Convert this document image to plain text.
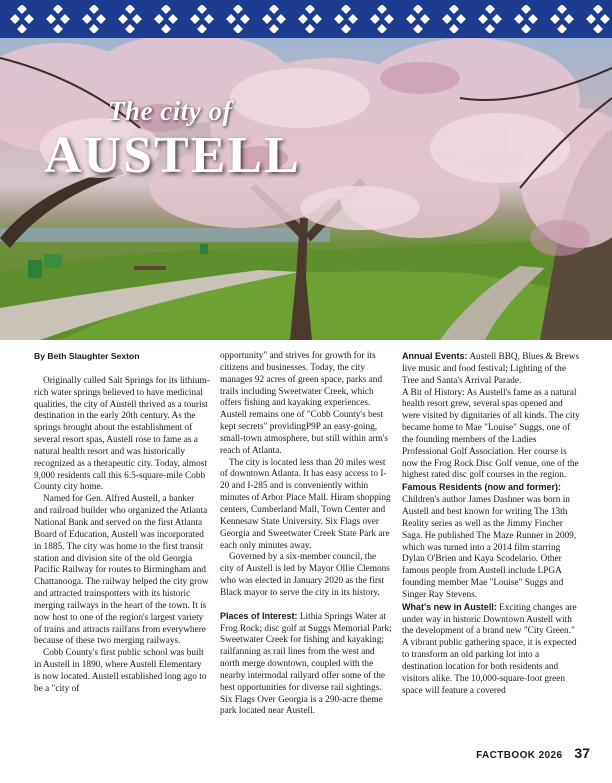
The city of
AUSTELL

By Beth Slaughter Sexton

Originally called Salt Springs for its lithium-rich water springs believed to have medicinal qualities, the city of Austell thrived as a tourist destination in the early 20th century. As the springs brought about the establishment of several resort spas, Austell rose to fame as a natural health resort and was historically recognized as a therapeutic city. Today, almost 9,000 residents call this 6.5-square-mile Cobb County city home.

Named for Gen. Alfred Austell, a banker and railroad builder who organized the Atlanta National Bank and served on the first Atlanta Board of Education, Austell was incorporated in 1885. The city was home to the first transit station and division site of the old Georgia Pacific Railway for routes to Birmingham and Chattanooga. The railway helped the city grow and attracted trainspotters with its historic merging railways in the heart of the town. It is now host to one of the region's largest variety of trains and attracts railfans from everywhere because of these two merging railways.

Cobb County's first public school was built in Austell in 1890, where Austell Elementary is now located. Austell established long ago to be a "city of

opportunity" and strives for growth for its citizens and businesses. Today, the city manages 92 acres of green space, parks and trails including Sweetwater Creek, which offers fishing and kayaking experiences. Austell remains one of "Cobb County's best kept secrets" providingP9P an easy-going, small-town atmosphere, but still within arm's reach of Atlanta.

The city is located less than 20 miles west of downtown Atlanta. It has easy access to I-20 and I-285 and is conveniently within minutes of Arbor Place Mall. Hiram shopping centers, Cumberland Mall, Town Center and Kennesaw State University. Six Flags over Georgia and Sweetwater Creek State Park are each only minutes away.

Governed by a six-member council, the city of Austell is led by Mayor Ollie Clemons who was elected in January 2020 as the first Black mayor to serve the city in its history.

Places of Interest: Lithia Springs Water at Frog Rock; disc golf at Suggs Memorial Park; Sweetwater Creek for fishing and kayaking; railfanning as rail lines from the west and north merge downtown, coupled with the nearby intermodal railyard offer some of the best opportunities for diverse rail sightings. Six Flags Over Georgia is a 290-acre theme park located near Austell.

Annual Events: Austell BBQ, Blues & Brews live music and food festival; Lighting of the Tree and Santa's Arrival Parade.

A Bit of History: As Austell's fame as a natural health resort grew, several spas opened and were visited by dignitaries of all kinds. The city became home to Mae "Louise" Suggs, one of the founding members of the Ladies Professional Golf Association. Her course is now the Frog Rock Disc Golf venue, one of the highest rated disc golf courses in the region.

Famous Residents (now and former): Children's author James Dashner was born in Austell and best known for writing The 13th Reality series as well as the Jimmy Fincher Saga. He published The Maze Runner in 2009, which was turned into a 2014 film starring Dylan O'Brien and Kaya Scodelario. Other famous people from Austell include LPGA founding member Mae "Louise" Suggs and Singer Ray Stevens.

What's new in Austell: Exciting changes are under way in historic Downtown Austell with the development of a brand new "City Green." A vibrant public gathering space, it is expected to transform an old parking lot into a destination location for both residents and visitors alike. The 10,000-square-foot green space will feature a covered

FACTBOOK 2026 37
